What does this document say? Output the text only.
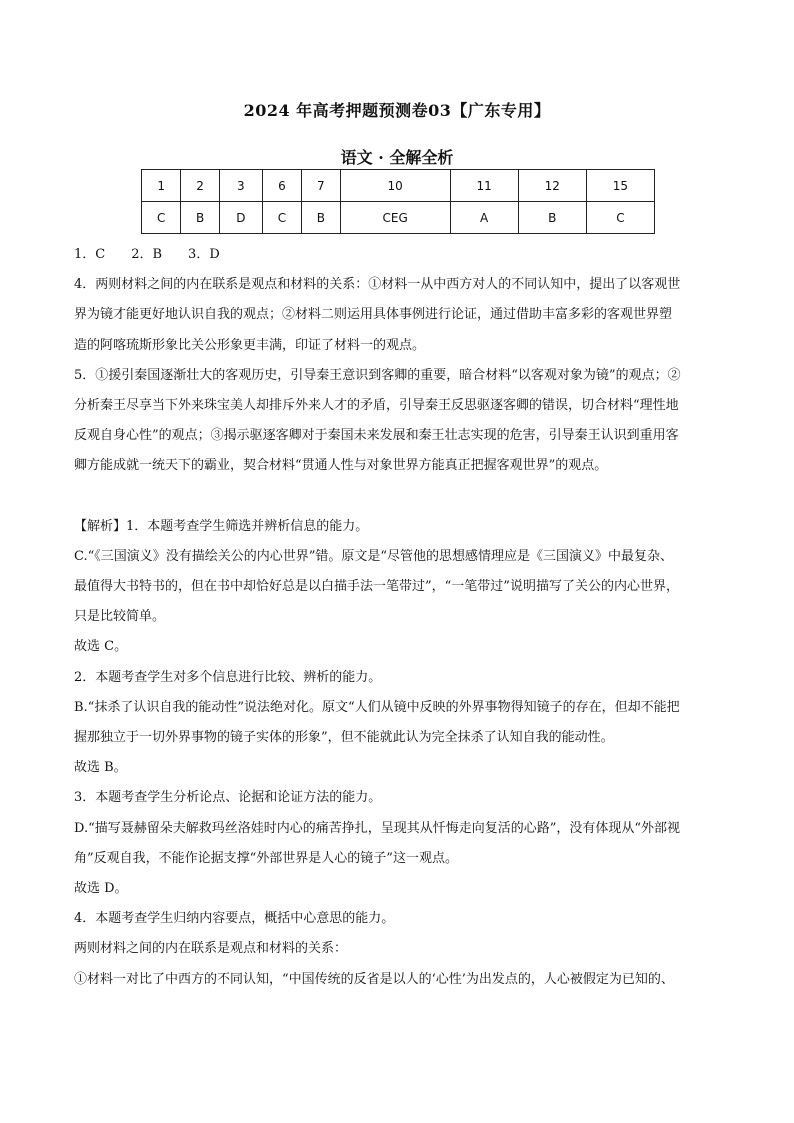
2024 年高考押题预测卷03【广东专用】
语文 · 全解全析
1	2	3	6	7	10	11	12	15
C	B	D	C	B	CEG	A	B	C

1．C　　2．B　　3．D

4．两则材料之间的内在联系是观点和材料的关系：①材料一从中西方对人的不同认知中，提出了以客观世

界为镜才能更好地认识自我的观点；②材料二则运用具体事例进行论证，通过借助丰富多彩的客观世界塑

造的阿喀琉斯形象比关公形象更丰满，印证了材料一的观点。

5．①援引秦国逐渐壮大的客观历史，引导秦王意识到客卿的重要，暗合材料“以客观对象为镜”的观点；②

分析秦王尽享当下外来珠宝美人却排斥外来人才的矛盾，引导秦王反思驱逐客卿的错误，切合材料“理性地

反观自身心性”的观点；③揭示驱逐客卿对于秦国未来发展和秦王壮志实现的危害，引导秦王认识到重用客

卿方能成就一统天下的霸业，契合材料“贯通人性与对象世界方能真正把握客观世界”的观点。

【解析】1．本题考查学生筛选并辨析信息的能力。

C.“《三国演义》没有描绘关公的内心世界”错。原文是“尽管他的思想感情理应是《三国演义》中最复杂、

最值得大书特书的，但在书中却恰好总是以白描手法一笔带过”，“一笔带过”说明描写了关公的内心世界，

只是比较简单。

故选 C。

2．本题考查学生对多个信息进行比较、辨析的能力。

B.“抹杀了认识自我的能动性”说法绝对化。原文“人们从镜中反映的外界事物得知镜子的存在，但却不能把

握那独立于一切外界事物的镜子实体的形象”，但不能就此认为完全抹杀了认知自我的能动性。

故选 B。

3．本题考查学生分析论点、论据和论证方法的能力。

D.“描写聂赫留朵夫解救玛丝洛娃时内心的痛苦挣扎，呈现其从忏悔走向复活的心路”，没有体现从“外部视

角”反观自我，不能作论据支撑“外部世界是人心的镜子”这一观点。

故选 D。

4．本题考查学生归纳内容要点，概括中心意思的能力。

两则材料之间的内在联系是观点和材料的关系：

①材料一对比了中西方的不同认知，“中国传统的反省是以人的‘心性’为出发点的，人心被假定为已知的、
